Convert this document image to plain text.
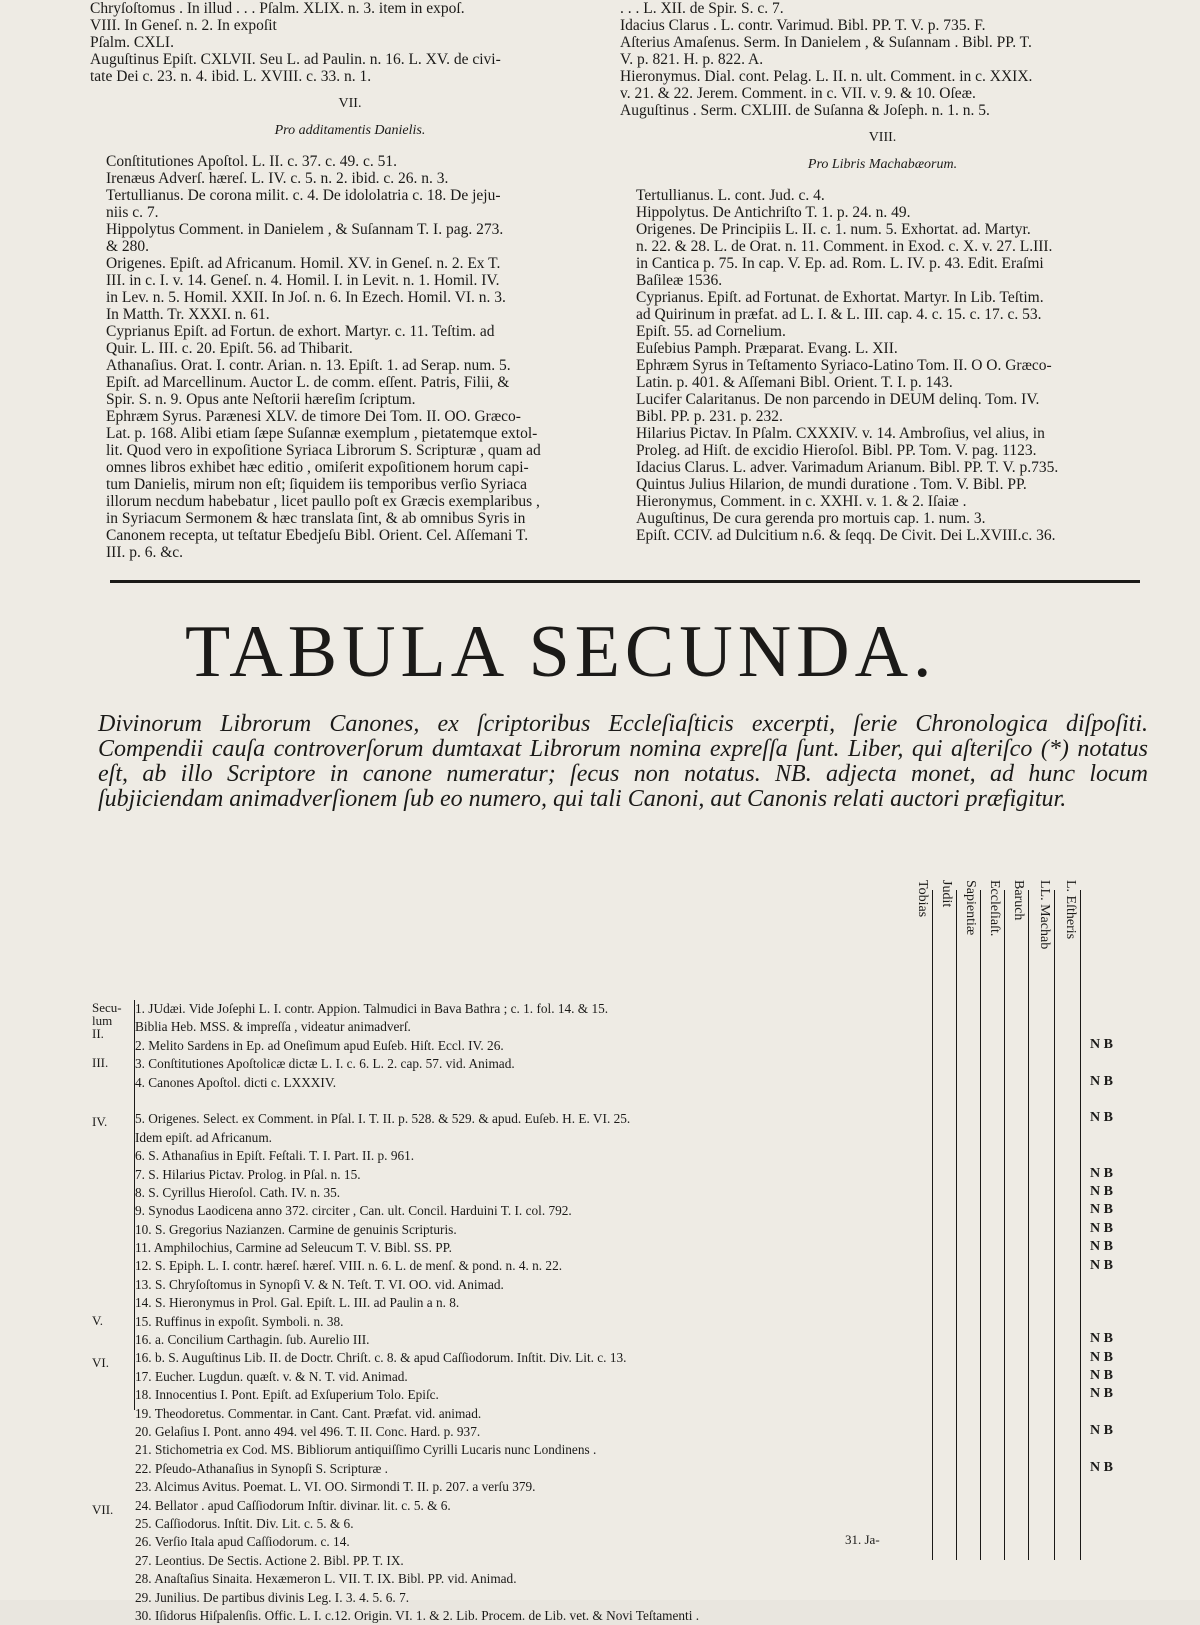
Chryſoſtomus . In illud . . . Pſalm. XLIX. n. 3. item in expoſ.
VIII. In Geneſ. n. 2. In expoſit
Pſalm. CXLI.
Auguſtinus Epiſt. CXLVII. Seu L. ad Paulin. n. 16. L. XV. de civi-
tate Dei c. 23. n. 4. ibid. L. XVIII. c. 33. n. 1.
VII.
Pro additamentis Danielis.
Conſtitutiones Apoſtol. L. II. c. 37. c. 49. c. 51.
Irenæus Adverſ. hæreſ. L. IV. c. 5. n. 2. ibid. c. 26. n. 3.
Tertullianus. De corona milit. c. 4. De idololatria c. 18. De jeju-
niis c. 7.
Hippolytus Comment. in Danielem , & Suſannam T. I. pag. 273.
& 280.
Origenes. Epiſt. ad Africanum. Homil. XV. in Geneſ. n. 2. Ex T.
III. in c. I. v. 14. Geneſ. n. 4. Homil. I. in Levit. n. 1. Homil. IV.
in Lev. n. 5. Homil. XXII. In Joſ. n. 6. In Ezech. Homil. VI. n. 3.
In Matth. Tr. XXXI. n. 61.
Cyprianus Epiſt. ad Fortun. de exhort. Martyr. c. 11. Teſtim. ad
Quir. L. III. c. 20. Epiſt. 56. ad Thibarit.
Athanaſius. Orat. I. contr. Arian. n. 13. Epiſt. 1. ad Serap. num. 5.
Epiſt. ad Marcellinum. Auctor L. de comm. eſſent. Patris, Filii, &
Spir. S. n. 9. Opus ante Neſtorii hæreſim ſcriptum.
Ephræm Syrus. Parænesi XLV. de timore Dei Tom. II. OO. Græco-
Lat. p. 168. Alibi etiam ſæpe Suſannæ exemplum , pietatemque extol-
lit. Quod vero in expoſitione Syriaca Librorum S. Scripturæ , quam ad
omnes libros exhibet hæc editio , omiſerit expoſitionem horum capi-
tum Danielis, mirum non eſt; ſiquidem iis temporibus verſio Syriaca
illorum necdum habebatur , licet paullo poſt ex Græcis exemplaribus ,
in Syriacum Sermonem & hæc translata ſint, & ab omnibus Syris in
Canonem recepta, ut teſtatur Ebedjeſu Bibl. Orient. Cel. Aſſemani T.
III. p. 6. &c.
. . . L. XII. de Spir. S. c. 7.
Idacius Clarus . L. contr. Varimud. Bibl. PP. T. V. p. 735. F.
Aſterius Amaſenus. Serm. In Danielem , & Suſannam . Bibl. PP. T.
V. p. 821. H. p. 822. A.
Hieronymus. Dial. cont. Pelag. L. II. n. ult. Comment. in c. XXIX.
v. 21. & 22. Jerem. Comment. in c. VII. v. 9. & 10. Oſeæ.
Auguſtinus . Serm. CXLIII. de Suſanna & Joſeph. n. 1. n. 5.
VIII.
Pro Libris Machabæorum.
Tertullianus. L. cont. Jud. c. 4.
Hippolytus. De Antichriſto T. 1. p. 24. n. 49.
Origenes. De Principiis L. II. c. 1. num. 5. Exhortat. ad. Martyr.
n. 22. & 28. L. de Orat. n. 11. Comment. in Exod. c. X. v. 27. L.III.
in Cantica p. 75. In cap. V. Ep. ad. Rom. L. IV. p. 43. Edit. Eraſmi
Baſileæ 1536.
Cyprianus. Epiſt. ad Fortunat. de Exhortat. Martyr. In Lib. Teſtim.
ad Quirinum in præfat. ad L. I. & L. III. cap. 4. c. 15. c. 17. c. 53.
Epiſt. 55. ad Cornelium.
Euſebius Pamph. Præparat. Evang. L. XII.
Ephræm Syrus in Teſtamento Syriaco-Latino Tom. II. O O. Græco-
Latin. p. 401. & Aſſemani Bibl. Orient. T. I. p. 143.
Lucifer Calaritanus. De non parcendo in DEUM delinq. Tom. IV.
Bibl. PP. p. 231. p. 232.
Hilarius Pictav. In Pſalm. CXXXIV. v. 14. Ambroſius, vel alius, in
Proleg. ad Hiſt. de excidio Hieroſol. Bibl. PP. Tom. V. pag. 1123.
Idacius Clarus. L. adver. Varimadum Arianum. Bibl. PP. T. V. p.735.
Quintus Julius Hilarion, de mundi duratione . Tom. V. Bibl. PP.
Hieronymus, Comment. in c. XXHI. v. 1. & 2. Iſaiæ .
Auguſtinus, De cura gerenda pro mortuis cap. 1. num. 3.
Epiſt. CCIV. ad Dulcitium n.6. & ſeqq. De Civit. Dei L.XVIII.c. 36.
TABULA SECUNDA.
Divinorum Librorum Canones, ex ſcriptoribus Eccleſiaſticis excerpti, ſerie Chronologica diſpoſiti. Compendii cauſa controverſorum dumtaxat Librorum nomina expreſſa ſunt. Liber, qui aſteriſco (*) notatus eſt, ab illo Scriptore in canone numeratur; ſecus non notatus. NB. adjecta monet, ad hunc locum ſubjiciendam animadverſionem ſub eo numero, qui tali Canoni, aut Canonis relati auctori præfigitur.
Secu-
lum
II.
III.
IV.
V.
VI.
VII.
1. JUdæi. Vide Joſephi L. I. contr. Appion. Talmudici in Bava Bathra ; c. 1. fol. 14. & 15.
Biblia Heb. MSS. & impreſſa , videatur animadverſ.
2. Melito Sardens in Ep. ad Oneſimum apud Euſeb. Hiſt. Eccl. IV. 26.
3. Conſtitutiones Apoſtolicæ dictæ L. I. c. 6. L. 2. cap. 57. vid. Animad.
4. Canones Apoſtol. dicti c. LXXXIV.
5. Origenes. Select. ex Comment. in Pſal. I. T. II. p. 528. & 529. & apud. Euſeb. H. E. VI. 25.
Idem epiſt. ad Africanum.
6. S. Athanaſius in Epiſt. Feſtali. T. I. Part. II. p. 961.
7. S. Hilarius Pictav. Prolog. in Pſal. n. 15.
8. S. Cyrillus Hieroſol. Cath. IV. n. 35.
9. Synodus Laodicena anno 372. circiter , Can. ult. Concil. Harduini T. I. col. 792.
10. S. Gregorius Nazianzen. Carmine de genuinis Scripturis.
11. Amphilochius, Carmine ad Seleucum T. V. Bibl. SS. PP.
12. S. Epiph. L. I. contr. hæreſ. hæreſ. VIII. n. 6. L. de menſ. & pond. n. 4. n. 22.
13. S. Chryſoſtomus in Synopſi V. & N. Teſt. T. VI. OO. vid. Animad.
14. S. Hieronymus in Prol. Gal. Epiſt. L. III. ad Paulin a n. 8.
15. Ruffinus in expoſit. Symboli. n. 38.
16. a. Concilium Carthagin. ſub. Aurelio III.
16. b. S. Auguſtinus Lib. II. de Doctr. Chriſt. c. 8. & apud Caſſiodorum. Inſtit. Div. Lit. c. 13.
17. Eucher. Lugdun. quæſt. v. & N. T. vid. Animad.
18. Innocentius I. Pont. Epiſt. ad Exſuperium Tolo. Epiſc.
19. Theodoretus. Commentar. in Cant. Cant. Præfat. vid. animad.
20. Gelaſius I. Pont. anno 494. vel 496. T. II. Conc. Hard. p. 937.
21. Stichometria ex Cod. MS. Bibliorum antiquiſſimo Cyrilli Lucaris nunc Londinens .
22. Pſeudo-Athanaſius in Synopſi S. Scripturæ .
23. Alcimus Avitus. Poemat. L. VI. OO. Sirmondi T. II. p. 207. a verſu 379.
24. Bellator . apud Caſſiodorum Inſtir. divinar. lit. c. 5. & 6.
25. Caſſiodorus. Inſtit. Div. Lit. c. 5. & 6.
26. Verſio Itala apud Caſſiodorum. c. 14.
27. Leontius. De Sectis. Actione 2. Bibl. PP. T. IX.
28. Anaſtaſius Sinaita. Hexæmeron L. VII. T. IX. Bibl. PP. vid. Animad.
29. Junilius. De partibus divinis Leg. I. 3. 4. 5. 6. 7.
30. Iſidorus Hiſpalenſis. Offic. L. I. c.12. Origin. VI. 1. & 2. Lib. Procem. de Lib. vet. & Novi Teſtamenti .
Tobias Judit Sapientiæ Eccleſiaſt. Baruch LL. Machab L. Eſtheris
N B
N B
N B
N B
N B
N B
N B
N B
N B
N B
N B
N B
N B
N B
N B
31. Ja-
